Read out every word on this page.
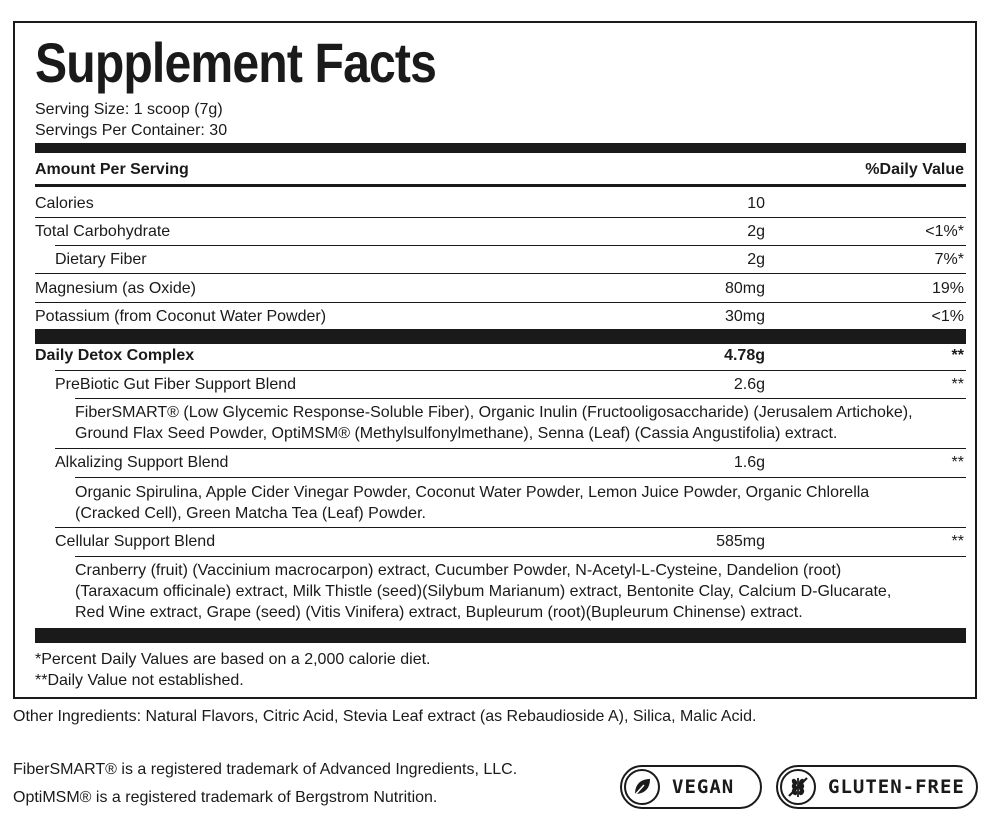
Supplement Facts
Serving Size: 1 scoop (7g)
Servings Per Container: 30
Amount Per Serving	%Daily Value
Calories	10
Total Carbohydrate	2g	<1%*
Dietary Fiber	2g	7%*
Magnesium (as Oxide)	80mg	19%
Potassium (from Coconut Water Powder)	30mg	<1%
Daily Detox Complex	4.78g	**
PreBiotic Gut Fiber Support Blend	2.6g	**
FiberSMART® (Low Glycemic Response-Soluble Fiber), Organic Inulin (Fructooligosaccharide) (Jerusalem Artichoke),
Ground Flax Seed Powder, OptiMSM® (Methylsulfonylmethane), Senna (Leaf) (Cassia Angustifolia) extract.
Alkalizing Support Blend	1.6g	**
Organic Spirulina, Apple Cider Vinegar Powder, Coconut Water Powder, Lemon Juice Powder, Organic Chlorella
(Cracked Cell), Green Matcha Tea (Leaf) Powder.
Cellular Support Blend	585mg	**
Cranberry (fruit) (Vaccinium macrocarpon) extract, Cucumber Powder, N-Acetyl-L-Cysteine, Dandelion (root)
(Taraxacum officinale) extract, Milk Thistle (seed)(Silybum Marianum) extract, Bentonite Clay, Calcium D-Glucarate,
Red Wine extract, Grape (seed) (Vitis Vinifera) extract, Bupleurum (root)(Bupleurum Chinense) extract.
*Percent Daily Values are based on a 2,000 calorie diet.
**Daily Value not established.
Other Ingredients: Natural Flavors, Citric Acid, Stevia Leaf extract (as Rebaudioside A), Silica, Malic Acid.
FiberSMART® is a registered trademark of Advanced Ingredients, LLC.
OptiMSM® is a registered trademark of Bergstrom Nutrition.	VEGAN	GLUTEN-FREE
